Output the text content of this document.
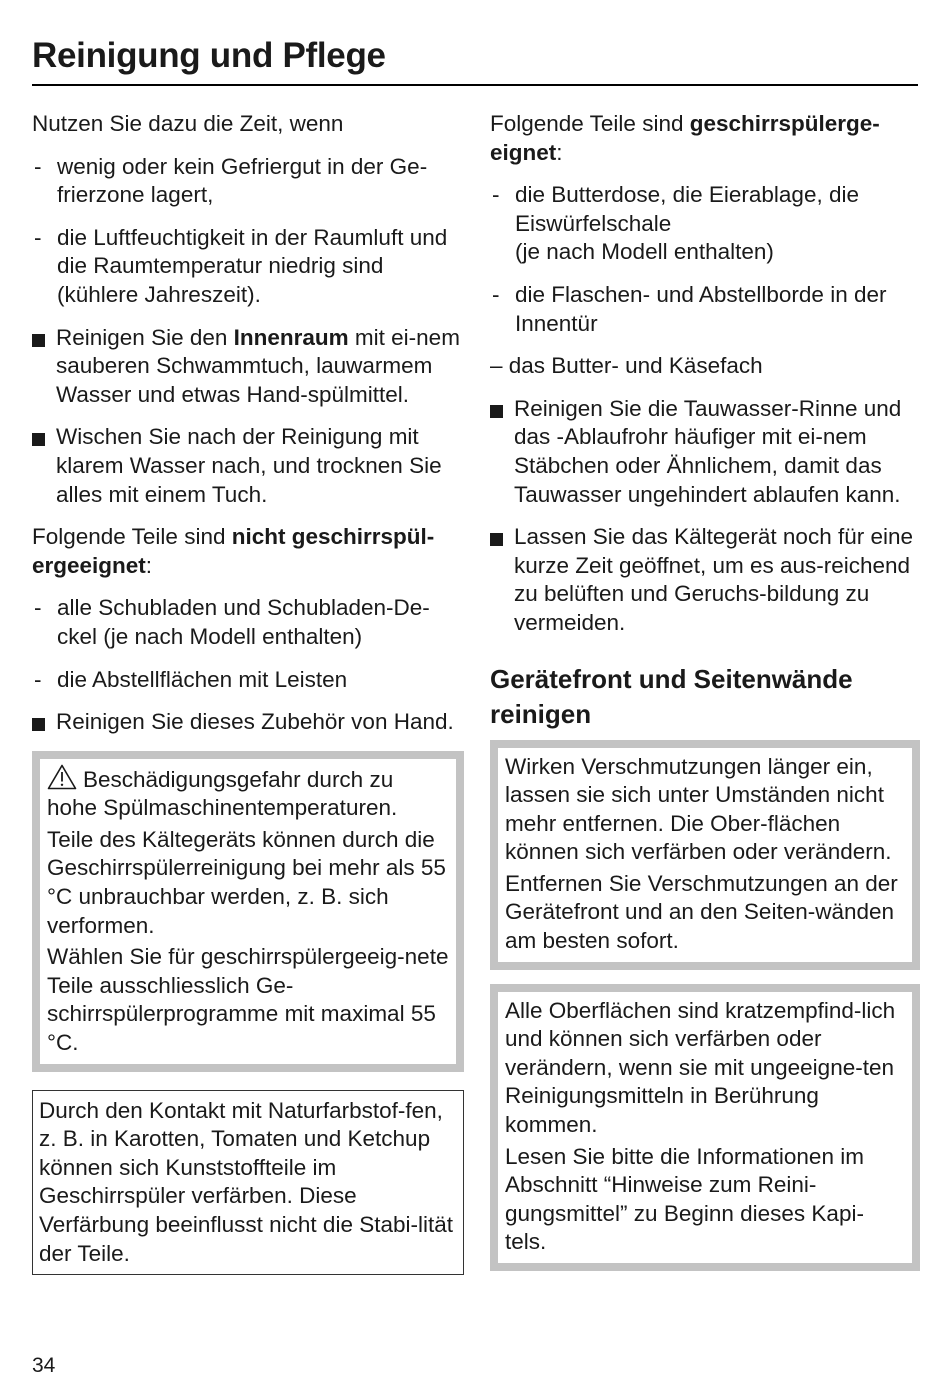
Reinigung und Pflege

Nutzen Sie dazu die Zeit, wenn

- wenig oder kein Gefriergut in der Ge-frierzone lagert,
- die Luftfeuchtigkeit in der Raumluft und die Raumtemperatur niedrig sind (kühlere Jahreszeit).
Reinigen Sie den Innenraum mit ei-nem sauberen Schwammtuch, lauwarmem Wasser und etwas Hand-spülmittel.
Wischen Sie nach der Reinigung mit klarem Wasser nach, und trocknen Sie alles mit einem Tuch.

Folgende Teile sind nicht geschirrspül-ergeeignet:

- alle Schubladen und Schubladen-De-ckel (je nach Modell enthalten)
- die Abstellflächen mit Leisten
Reinigen Sie dieses Zubehör von Hand.

Beschädigungsgefahr durch zu hohe Spülmaschinentemperaturen.

Teile des Kältegeräts können durch die Geschirrspülerreinigung bei mehr als 55 °C unbrauchbar werden, z. B. sich verformen.

Wählen Sie für geschirrspülergeeig-nete Teile ausschliesslich Ge-schirrspülerprogramme mit maximal 55 °C.

Durch den Kontakt mit Naturfarbstof-fen, z. B. in Karotten, Tomaten und Ketchup können sich Kunststoffteile im Geschirrspüler verfärben. Diese Verfärbung beeinflusst nicht die Stabi-lität der Teile.

Folgende Teile sind geschirrspülerge-eignet:

- die Butterdose, die Eierablage, die Eiswürfelschale
(je nach Modell enthalten)
- die Flaschen- und Abstellborde in der Innentür

– das Butter- und Käsefach

Reinigen Sie die Tauwasser-Rinne und das -Ablaufrohr häufiger mit ei-nem Stäbchen oder Ähnlichem, damit das Tauwasser ungehindert ablaufen kann.
Lassen Sie das Kältegerät noch für eine kurze Zeit geöffnet, um es aus-reichend zu belüften und Geruchs-bildung zu vermeiden.
Gerätefront und Seitenwände reinigen

Wirken Verschmutzungen länger ein, lassen sie sich unter Umständen nicht mehr entfernen. Die Ober-flächen können sich verfärben oder verändern.

Entfernen Sie Verschmutzungen an der Gerätefront und an den Seiten-wänden am besten sofort.

Alle Oberflächen sind kratzempfind-lich und können sich verfärben oder verändern, wenn sie mit ungeeigne-ten Reinigungsmitteln in Berührung kommen.

Lesen Sie bitte die Informationen im Abschnitt “Hinweise zum Reini-gungsmittel” zu Beginn dieses Kapi-tels.

34
